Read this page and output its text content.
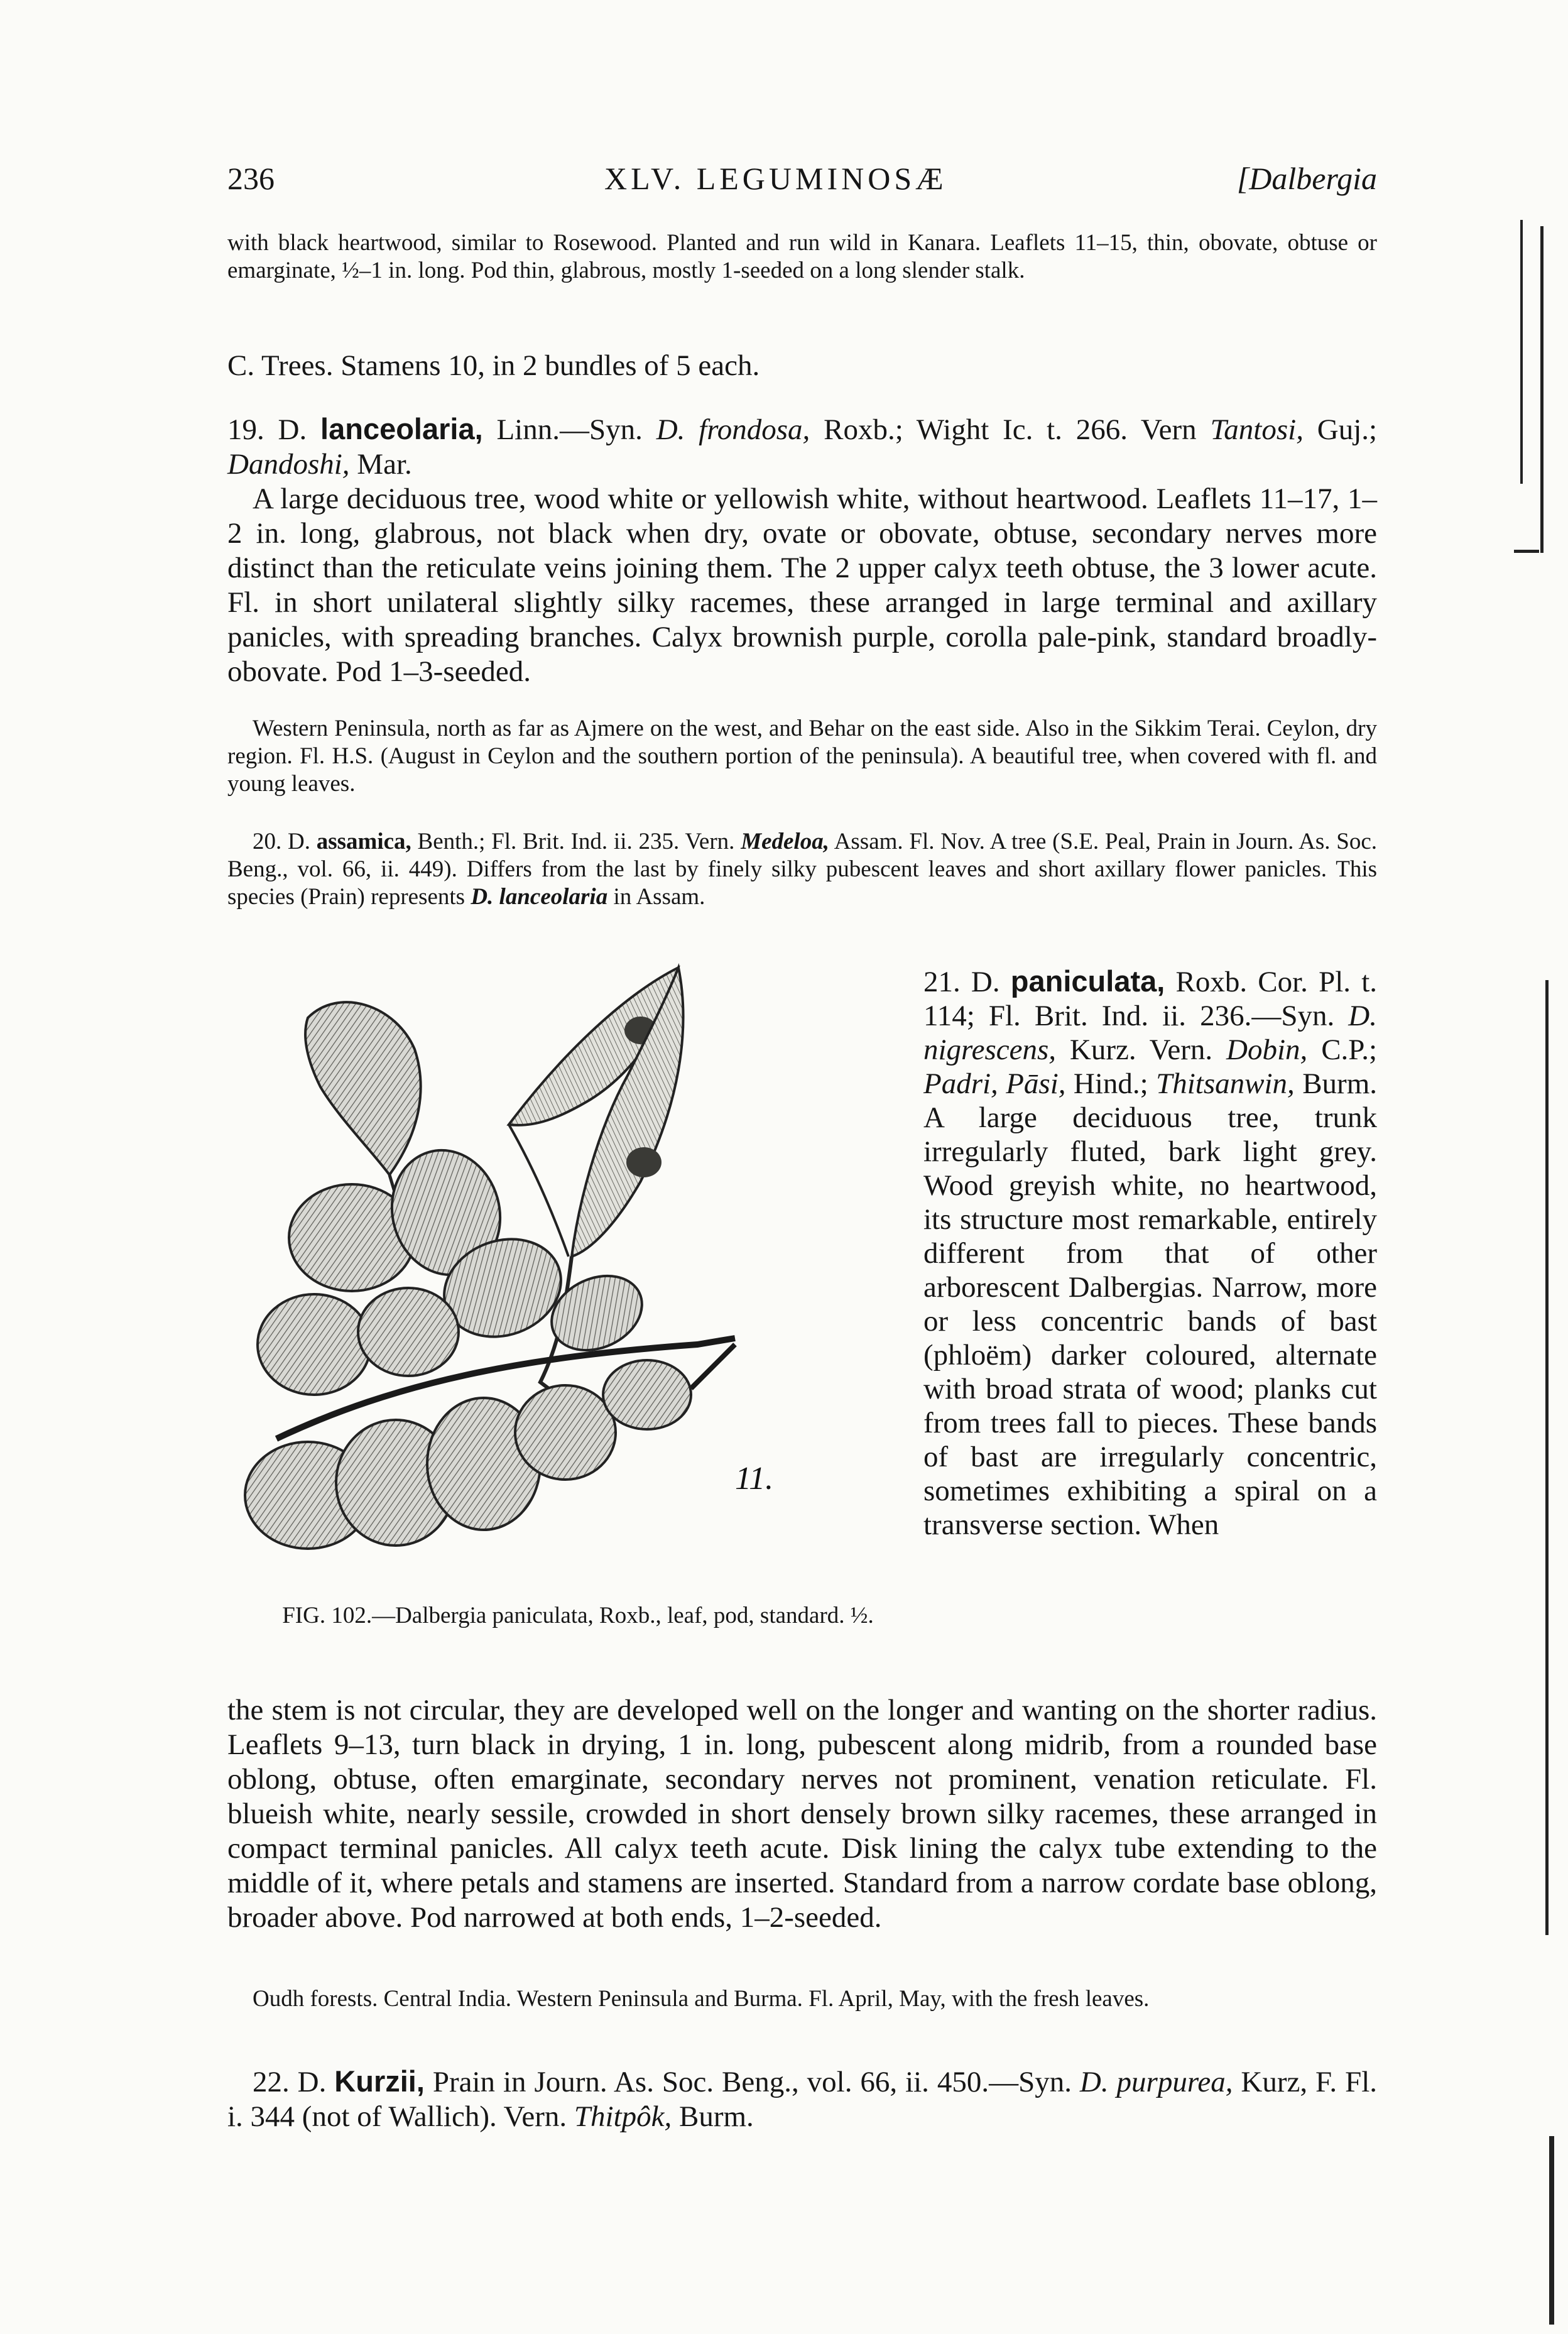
236	XLV. LEGUMINOSÆ	[Dalbergia

with black heartwood, similar to Rosewood. Planted and run wild in Kanara. Leaflets 11–15, thin, obovate, obtuse or emarginate, ½–1 in. long. Pod thin, glabrous, mostly 1-seeded on a long slender stalk.

C. Trees. Stamens 10, in 2 bundles of 5 each.

19. D. lanceolaria, Linn.—Syn. D. frondosa, Roxb.; Wight Ic. t. 266. Vern Tantosi, Guj.; Dandoshi, Mar.

A large deciduous tree, wood white or yellowish white, without heartwood. Leaflets 11–17, 1–2 in. long, glabrous, not black when dry, ovate or obovate, obtuse, secondary nerves more distinct than the reticulate veins joining them. The 2 upper calyx teeth obtuse, the 3 lower acute. Fl. in short unilateral slightly silky racemes, these arranged in large terminal and axillary panicles, with spreading branches. Calyx brownish purple, corolla pale-pink, standard broadly-obovate. Pod 1–3-seeded.

Western Peninsula, north as far as Ajmere on the west, and Behar on the east side. Also in the Sikkim Terai. Ceylon, dry region. Fl. H.S. (August in Ceylon and the southern portion of the peninsula). A beautiful tree, when covered with fl. and young leaves.

20. D. assamica, Benth.; Fl. Brit. Ind. ii. 235. Vern. Medeloa, Assam. Fl. Nov. A tree (S.E. Peal, Prain in Journ. As. Soc. Beng., vol. 66, ii. 449). Differs from the last by finely silky pubescent leaves and short axillary flower panicles. This species (Prain) represents D. lanceolaria in Assam.

11.
FIG. 102.—Dalbergia paniculata, Roxb., leaf, pod, standard. ½.

21. D. paniculata, Roxb. Cor. Pl. t. 114; Fl. Brit. Ind. ii. 236.—Syn. D. nigrescens, Kurz. Vern. Dobin, C.P.; Padri, Pāsi, Hind.; Thitsanwin, Burm. A large deciduous tree, trunk irregularly fluted, bark light grey. Wood greyish white, no heartwood, its structure most remarkable, entirely different from that of other arborescent Dalbergias. Narrow, more or less concentric bands of bast (phloëm) darker coloured, alternate with broad strata of wood; planks cut from trees fall to pieces. These bands of bast are irregularly concentric, sometimes exhibiting a spiral on a transverse section. When

the stem is not circular, they are developed well on the longer and wanting on the shorter radius. Leaflets 9–13, turn black in drying, 1 in. long, pubescent along midrib, from a rounded base oblong, obtuse, often emarginate, secondary nerves not prominent, venation reticulate. Fl. blueish white, nearly sessile, crowded in short densely brown silky racemes, these arranged in compact terminal panicles. All calyx teeth acute. Disk lining the calyx tube extending to the middle of it, where petals and stamens are inserted. Standard from a narrow cordate base oblong, broader above. Pod narrowed at both ends, 1–2-seeded.

Oudh forests. Central India. Western Peninsula and Burma. Fl. April, May, with the fresh leaves.

22. D. Kurzii, Prain in Journ. As. Soc. Beng., vol. 66, ii. 450.—Syn. D. purpurea, Kurz, F. Fl. i. 344 (not of Wallich). Vern. Thitpôk, Burm.
